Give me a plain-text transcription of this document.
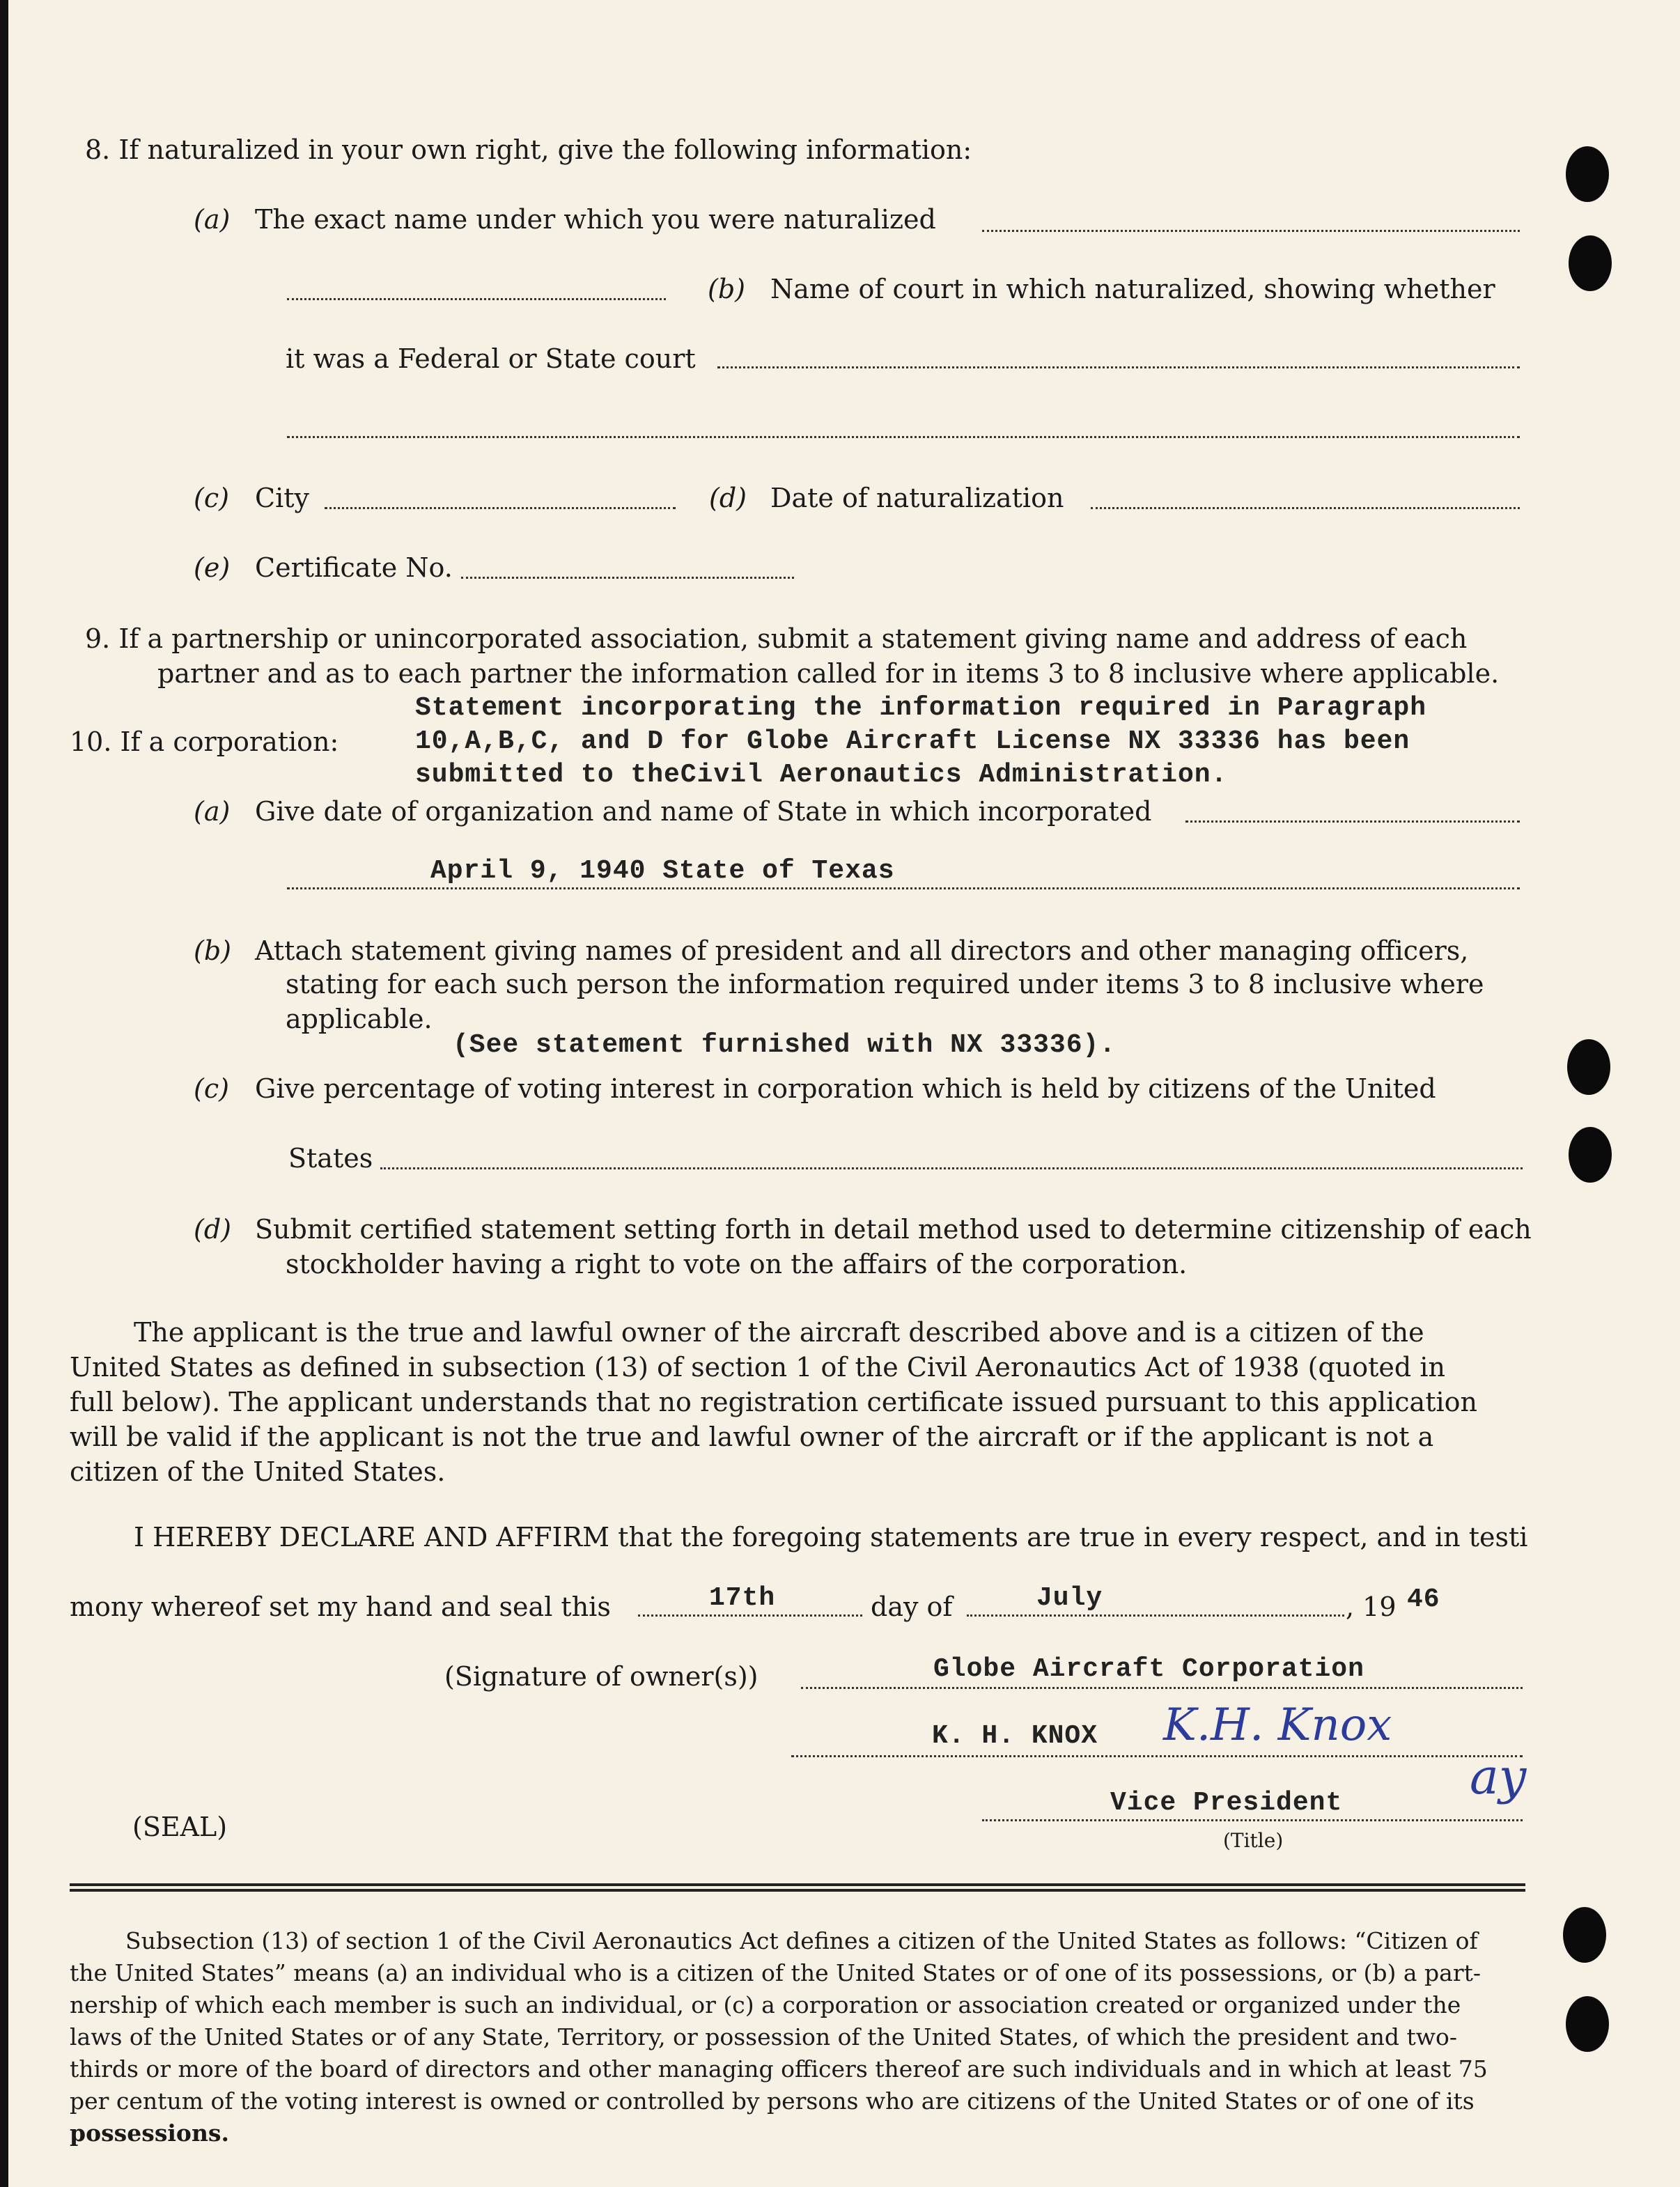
8. If naturalized in your own right, give the following information:
(a) The exact name under which you were naturalized
(b) Name of court in which naturalized, showing whether
it was a Federal or State court
(c) City	(d) Date of naturalization
(e) Certificate No.
9. If a partnership or unincorporated association, submit a statement giving name and address of each
partner and as to each partner the information called for in items 3 to 8 inclusive where applicable.
Statement incorporating the information required in Paragraph
10. If a corporation:	10,A,B,C, and D for Globe Aircraft License NX 33336 has been
submitted to theCivil Aeronautics Administration.
(a) Give date of organization and name of State in which incorporated
April 9, 1940 State of Texas
(b) Attach statement giving names of president and all directors and other managing officers,
stating for each such person the information required under items 3 to 8 inclusive where
applicable.
(See statement furnished with NX 33336).
(c) Give percentage of voting interest in corporation which is held by citizens of the United
States
(d) Submit certified statement setting forth in detail method used to determine citizenship of each
stockholder having a right to vote on the affairs of the corporation.
The applicant is the true and lawful owner of the aircraft described above and is a citizen of the
United States as defined in subsection (13) of section 1 of the Civil Aeronautics Act of 1938 (quoted in
full below). The applicant understands that no registration certificate issued pursuant to this application
will be valid if the applicant is not the true and lawful owner of the aircraft or if the applicant is not a
citizen of the United States.
I HEREBY DECLARE AND AFFIRM that the foregoing statements are true in every respect, and in testi
mony whereof set my hand and seal this	17th	day of	July	, 19 46
(Signature of owner(s))	Globe Aircraft Corporation
K. H. KNOX K.H. Knox
ay
(SEAL)
Vice President
(Title)
Subsection (13) of section 1 of the Civil Aeronautics Act defines a citizen of the United States as follows: “Citizen of
the United States” means (a) an individual who is a citizen of the United States or of one of its possessions, or (b) a part-
nership of which each member is such an individual, or (c) a corporation or association created or organized under the
laws of the United States or of any State, Territory, or possession of the United States, of which the president and two-
thirds or more of the board of directors and other managing officers thereof are such individuals and in which at least 75
per centum of the voting interest is owned or controlled by persons who are citizens of the United States or of one of its
possessions.
